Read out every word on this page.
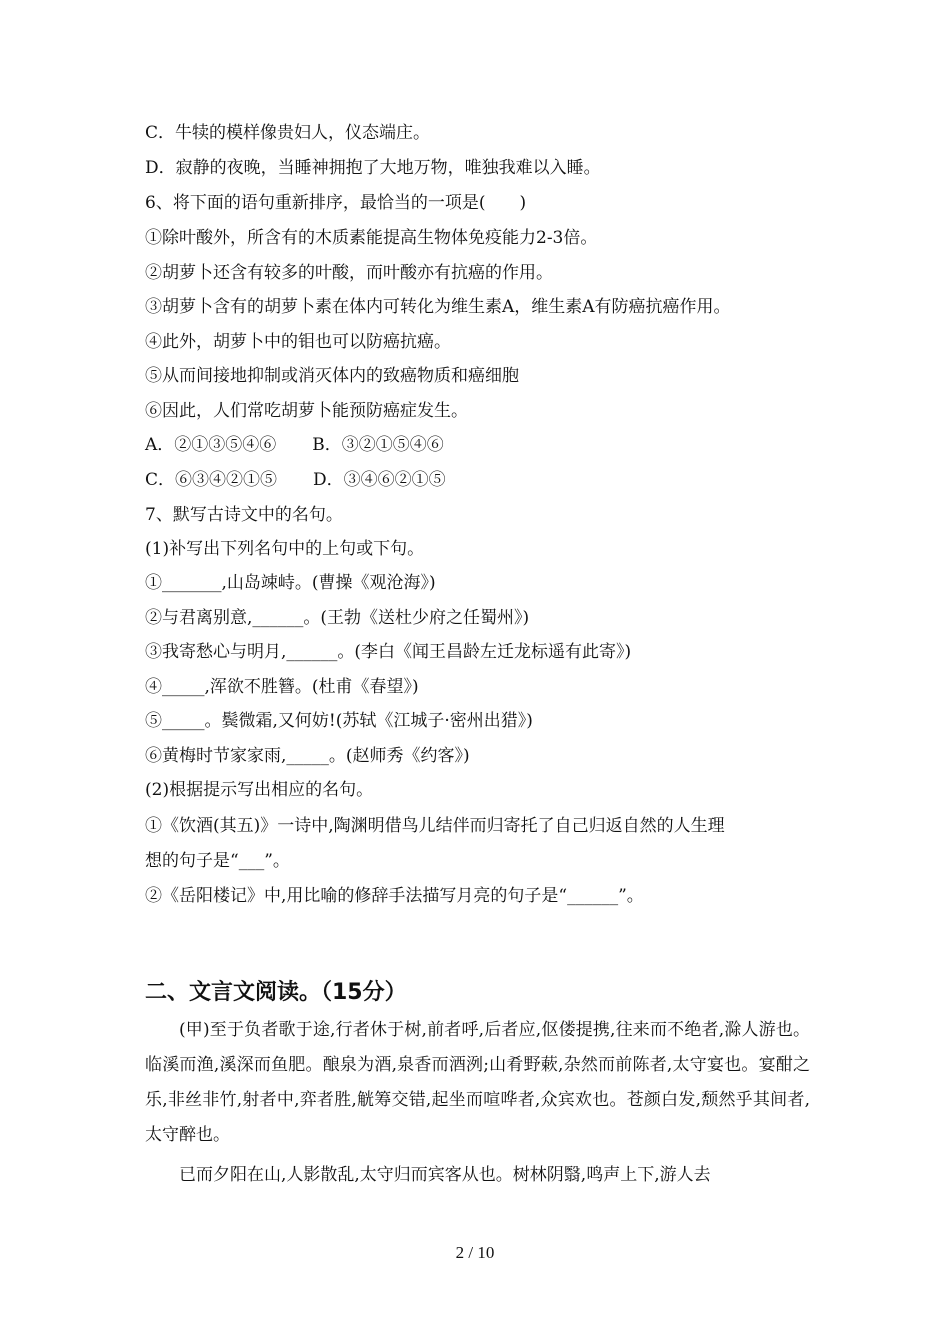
C．牛犊的模样像贵妇人，仪态端庄。
D．寂静的夜晚，当睡神拥抱了大地万物，唯独我难以入睡。
6、将下面的语句重新排序，最恰当的一项是(　　)
①除叶酸外，所含有的木质素能提高生物体免疫能力2-3倍。
②胡萝卜还含有较多的叶酸，而叶酸亦有抗癌的作用。
③胡萝卜含有的胡萝卜素在体内可转化为维生素A，维生素A有防癌抗癌作用。
④此外，胡萝卜中的钼也可以防癌抗癌。
⑤从而间接地抑制或消灭体内的致癌物质和癌细胞
⑥因此，人们常吃胡萝卜能预防癌症发生。
A．②①③⑤④⑥ B．③②①⑤④⑥
C．⑥③④②①⑤ D．③④⑥②①⑤
7、默写古诗文中的名句。
(1)补写出下列名句中的上句或下句。
①_______,山岛竦峙。(曹操《观沧海》)
②与君离别意,______。(王勃《送杜少府之任蜀州》)
③我寄愁心与明月,______。(李白《闻王昌龄左迁龙标遥有此寄》)
④_____,浑欲不胜簪。(杜甫《春望》)
⑤_____。鬓微霜,又何妨!(苏轼《江城子·密州出猎》)
⑥黄梅时节家家雨,_____。(赵师秀《约客》)
(2)根据提示写出相应的名句。
①《饮酒(其五)》一诗中,陶渊明借鸟儿结伴而归寄托了自己归返自然的人生理
想的句子是“___”。
②《岳阳楼记》中,用比喻的修辞手法描写月亮的句子是“______”。
二、文言文阅读。（15分）
(甲)至于负者歌于途,行者休于树,前者呼,后者应,伛偻提携,往来而不绝者,滁人游也。临溪而渔,溪深而鱼肥。酿泉为酒,泉香而酒洌;山肴野蔌,杂然而前陈者,太守宴也。宴酣之乐,非丝非竹,射者中,弈者胜,觥筹交错,起坐而喧哗者,众宾欢也。苍颜白发,颓然乎其间者,太守醉也。
已而夕阳在山,人影散乱,太守归而宾客从也。树林阴翳,鸣声上下,游人去
2 / 10
